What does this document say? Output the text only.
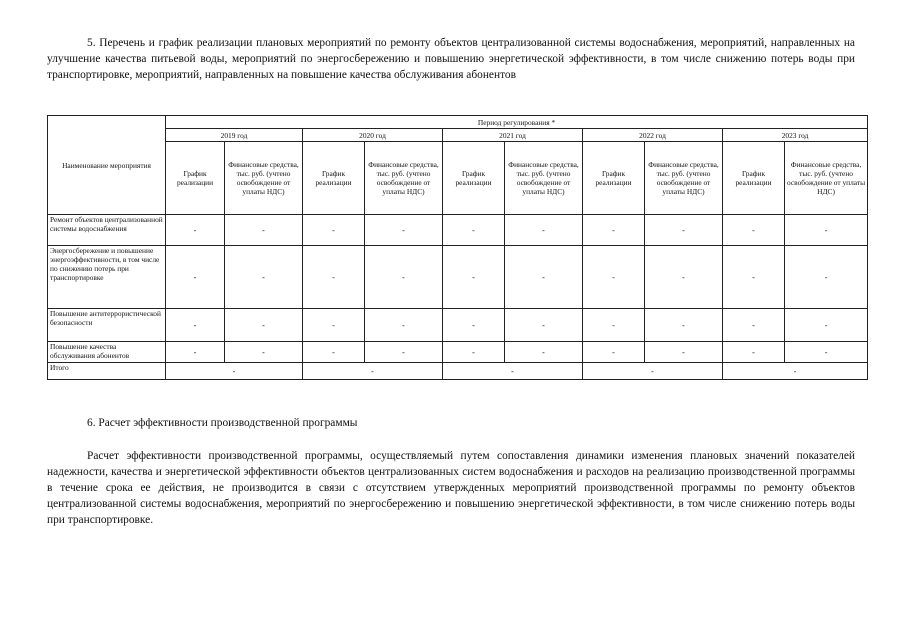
5. Перечень и график реализации плановых мероприятий по ремонту объектов централизованной системы водоснабжения, мероприятий, направленных на улучшение качества питьевой воды, мероприятий по энергосбережению и повышению энергетической эффективности, в том числе снижению потерь воды при транспортировке, мероприятий, направленных на повышение качества обслуживания абонентов

Наименование мероприятия	Период регулирования *									
	2019 год		2020 год		2021 год		2022 год		2023 год	
	График реализации	Финансовые средства, тыс. руб. (учтено освобождение от уплаты НДС)	График реализации	Финансовые средства, тыс. руб. (учтено освобождение от уплаты НДС)	График реализации	Финансовые средства, тыс. руб. (учтено освобождение от уплаты НДС)	График реализации	Финансовые средства, тыс. руб. (учтено освобождение от уплаты НДС)	График реализации	Финансовые средства, тыс. руб. (учтено освобождение от уплаты НДС)
Ремонт объектов централизованной системы водоснабжения	-	-	-	-	-	-	-	-	-	-
Энергосбережение и повышение энергоэффективности, в том числе по снижению потерь при транспортировке	-	-	-	-	-	-	-	-	-	-
Повышение антитеррористической безопасности	-	-	-	-	-	-	-	-	-	-
Повышение качества обслуживания абонентов	-	-	-	-	-	-	-	-	-	-
Итого	-		-		-		-		-	

6. Расчет эффективности производственной программы

Расчет эффективности производственной программы, осуществляемый путем сопоставления динамики изменения плановых значений показателей надежности, качества и энергетической эффективности объектов централизованных систем водоснабжения и расходов на реализацию производственной программы в течение срока ее действия, не производится в связи с отсутствием утвержденных мероприятий производственной программы по ремонту объектов централизованной системы водоснабжения, мероприятий по энергосбережению и повышению энергетической эффективности, в том числе снижению потерь воды при транспортировке.
